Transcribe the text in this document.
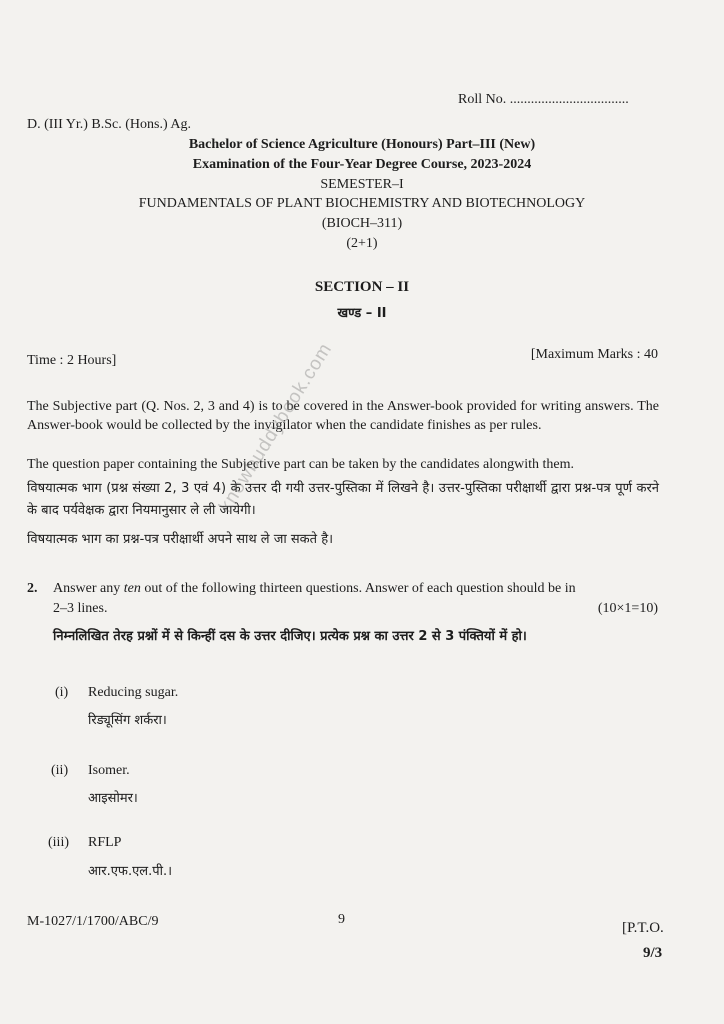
Roll No. ..................................
D. (III Yr.) B.Sc. (Hons.) Ag.
Bachelor of Science Agriculture (Honours) Part–III (New)
Examination of the Four-Year Degree Course, 2023-2024
SEMESTER–I
FUNDAMENTALS OF PLANT BIOCHEMISTRY AND BIOTECHNOLOGY
(BIOCH–311)
(2+1)
SECTION – II
खण्ड – II
Time : 2 Hours]	[Maximum Marks : 40
The Subjective part (Q. Nos. 2, 3 and 4) is to be covered in the Answer-book provided for writing answers. The Answer-book would be collected by the invigilator when the candidate finishes as per rules.
The question paper containing the Subjective part can be taken by the candidates alongwith them.
विषयात्मक भाग (प्रश्न संख्या 2, 3 एवं 4) के उत्तर दी गयी उत्तर-पुस्तिका में लिखने है। उत्तर-पुस्तिका परीक्षार्थी द्वारा प्रश्न-पत्र पूर्ण करने के बाद पर्यवेक्षक द्वारा नियमानुसार ले ली जायेगी।
विषयात्मक भाग का प्रश्न-पत्र परीक्षार्थी अपने साथ ले जा सकते है।
2. Answer any ten out of the following thirteen questions. Answer of each question should be in
2–3 lines.	(10×1=10)
निम्नलिखित तेरह प्रश्नों में से किन्हीं दस के उत्तर दीजिए। प्रत्येक प्रश्न का उत्तर 2 से 3 पंक्तियों में हो।
(i) Reducing sugar.
रिड्यूसिंग शर्करा।
(ii) Isomer.
आइसोमर।
(iii) RFLP
आर.एफ.एल.पी.।
M-1027/1/1700/ABC/9	9
[P.T.O.
9/3
knowbuddybook.com
